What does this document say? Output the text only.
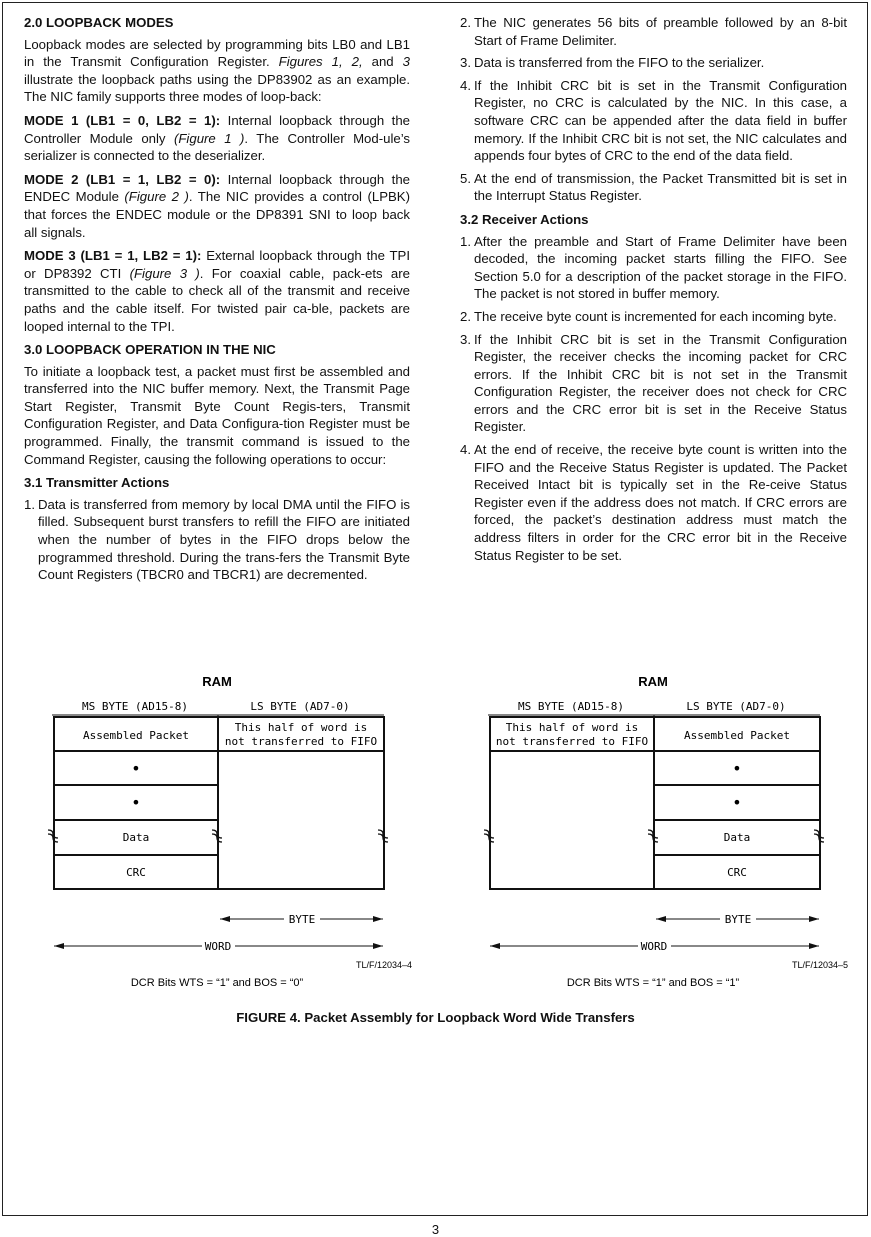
2.0 LOOPBACK MODES

Loopback modes are selected by programming bits LB0 and LB1 in the Transmit Configuration Register. Figures 1, 2, and 3 illustrate the loopback paths using the DP83902 as an example. The NIC family supports three modes of loop-back:

MODE 1 (LB1 = 0, LB2 = 1): Internal loopback through the Controller Module only (Figure 1 ). The Controller Mod-ule’s serializer is connected to the deserializer.

MODE 2 (LB1 = 1, LB2 = 0): Internal loopback through the ENDEC Module (Figure 2 ). The NIC provides a control (LPBK) that forces the ENDEC module or the DP8391 SNI to loop back all signals.

MODE 3 (LB1 = 1, LB2 = 1): External loopback through the TPI or DP8392 CTI (Figure 3 ). For coaxial cable, pack-ets are transmitted to the cable to check all of the transmit and receive paths and the cable itself. For twisted pair ca-ble, packets are looped internal to the TPI.

3.0 LOOPBACK OPERATION IN THE NIC

To initiate a loopback test, a packet must first be assembled and transferred into the NIC buffer memory. Next, the Transmit Page Start Register, Transmit Byte Count Regis-ters, Transmit Configuration Register, and Data Configura-tion Register must be programmed. Finally, the transmit command is issued to the Command Register, causing the following operations to occur:

3.1 Transmitter Actions
1. Data is transferred from memory by local DMA until the FIFO is filled. Subsequent burst transfers to refill the FIFO are initiated when the number of bytes in the FIFO drops below the programmed threshold. During the trans-fers the Transmit Byte Count Registers (TBCR0 and TBCR1) are decremented.
2. The NIC generates 56 bits of preamble followed by an 8-bit Start of Frame Delimiter.
3. Data is transferred from the FIFO to the serializer.
4. If the Inhibit CRC bit is set in the Transmit Configuration Register, no CRC is calculated by the NIC. In this case, a software CRC can be appended after the data field in buffer memory. If the Inhibit CRC bit is not set, the NIC calculates and appends four bytes of CRC to the end of the data field.
5. At the end of transmission, the Packet Transmitted bit is set in the Interrupt Status Register.
3.2 Receiver Actions
1. After the preamble and Start of Frame Delimiter have been decoded, the incoming packet starts filling the FIFO. See Section 5.0 for a description of the packet storage in the FIFO. The packet is not stored in buffer memory.
2. The receive byte count is incremented for each incoming byte.
3. If the Inhibit CRC bit is set in the Transmit Configuration Register, the receiver checks the incoming packet for CRC errors. If the Inhibit CRC bit is not set in the Transmit Configuration Register, the receiver does not check for CRC errors and the CRC error bit is set in the Receive Status Register.
4. At the end of receive, the receive byte count is written into the FIFO and the Receive Status Register is updated. The Packet Received Intact bit is typically set in the Re-ceive Status Register even if the address does not match. If CRC errors are forced, the packet’s destination address must match the address filters in order for the CRC error bit in the Receive Status Register to be set.
RAM
MS BYTE (AD15-8)	LS BYTE (AD7-0)
Assembled Packet
This half of word is
not transferred to FIFO
•
•
Data
CRC
BYTE
WORD
TL/F/12034–4
DCR Bits WTS = “1” and BOS = “0”
RAM
MS BYTE (AD15-8)	LS BYTE (AD7-0)
This half of word is
not transferred to FIFO	Assembled Packet
•
•
Data
CRC
BYTE
WORD
TL/F/12034–5
DCR Bits WTS = “1” and BOS = “1”
FIGURE 4. Packet Assembly for Loopback Word Wide Transfers
3
